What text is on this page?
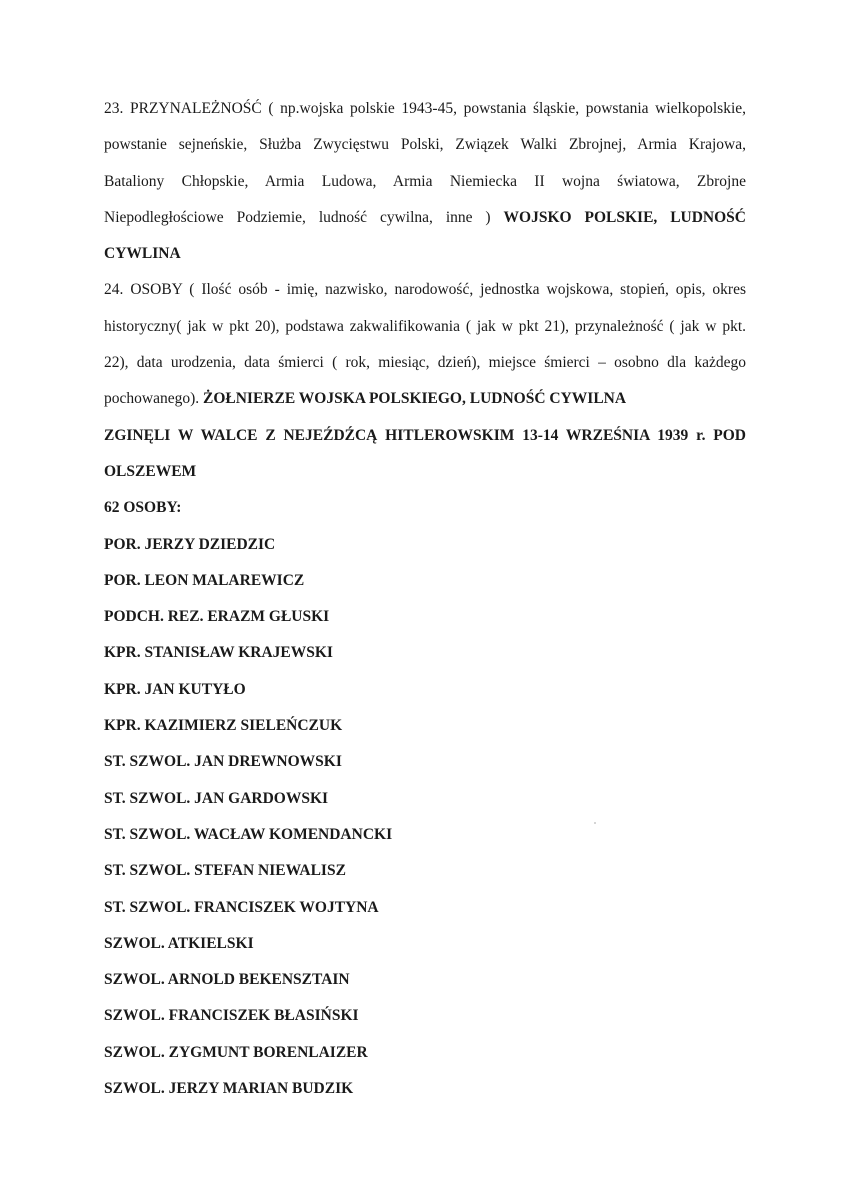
23. PRZYNALEŻNOŚĆ ( np.wojska polskie 1943-45, powstania śląskie, powstania wielkopolskie,
powstanie sejneńskie, Służba Zwycięstwu Polski, Związek Walki Zbrojnej, Armia Krajowa,
Bataliony Chłopskie, Armia Ludowa, Armia Niemiecka II wojna światowa, Zbrojne
Niepodległościowe Podziemie, ludność cywilna, inne ) WOJSKO POLSKIE, LUDNOŚĆ
CYWLINA
24. OSOBY ( Ilość osób - imię, nazwisko, narodowość, jednostka wojskowa, stopień, opis, okres
historyczny( jak w pkt 20), podstawa zakwalifikowania ( jak w pkt 21), przynależność ( jak w pkt.
22), data urodzenia, data śmierci ( rok, miesiąc, dzień), miejsce śmierci – osobno dla każdego
pochowanego). ŻOŁNIERZE WOJSKA POLSKIEGO, LUDNOŚĆ CYWILNA
ZGINĘLI W WALCE Z NEJEŹDŹCĄ HITLEROWSKIM 13-14 WRZEŚNIA 1939 r. POD
OLSZEWEM

62 OSOBY:

POR. JERZY DZIEDZIC
POR. LEON MALAREWICZ
PODCH. REZ. ERAZM GŁUSKI
KPR. STANISŁAW KRAJEWSKI
KPR. JAN KUTYŁO
KPR. KAZIMIERZ SIELEŃCZUK
ST. SZWOL. JAN DREWNOWSKI
ST. SZWOL. JAN GARDOWSKI
ST. SZWOL. WACŁAW KOMENDANCKI
ST. SZWOL. STEFAN NIEWALISZ
ST. SZWOL. FRANCISZEK WOJTYNA
SZWOL. ATKIELSKI
SZWOL. ARNOLD BEKENSZTAIN
SZWOL. FRANCISZEK BŁASIŃSKI
SZWOL. ZYGMUNT BORENLAIZER
SZWOL. JERZY MARIAN BUDZIK
